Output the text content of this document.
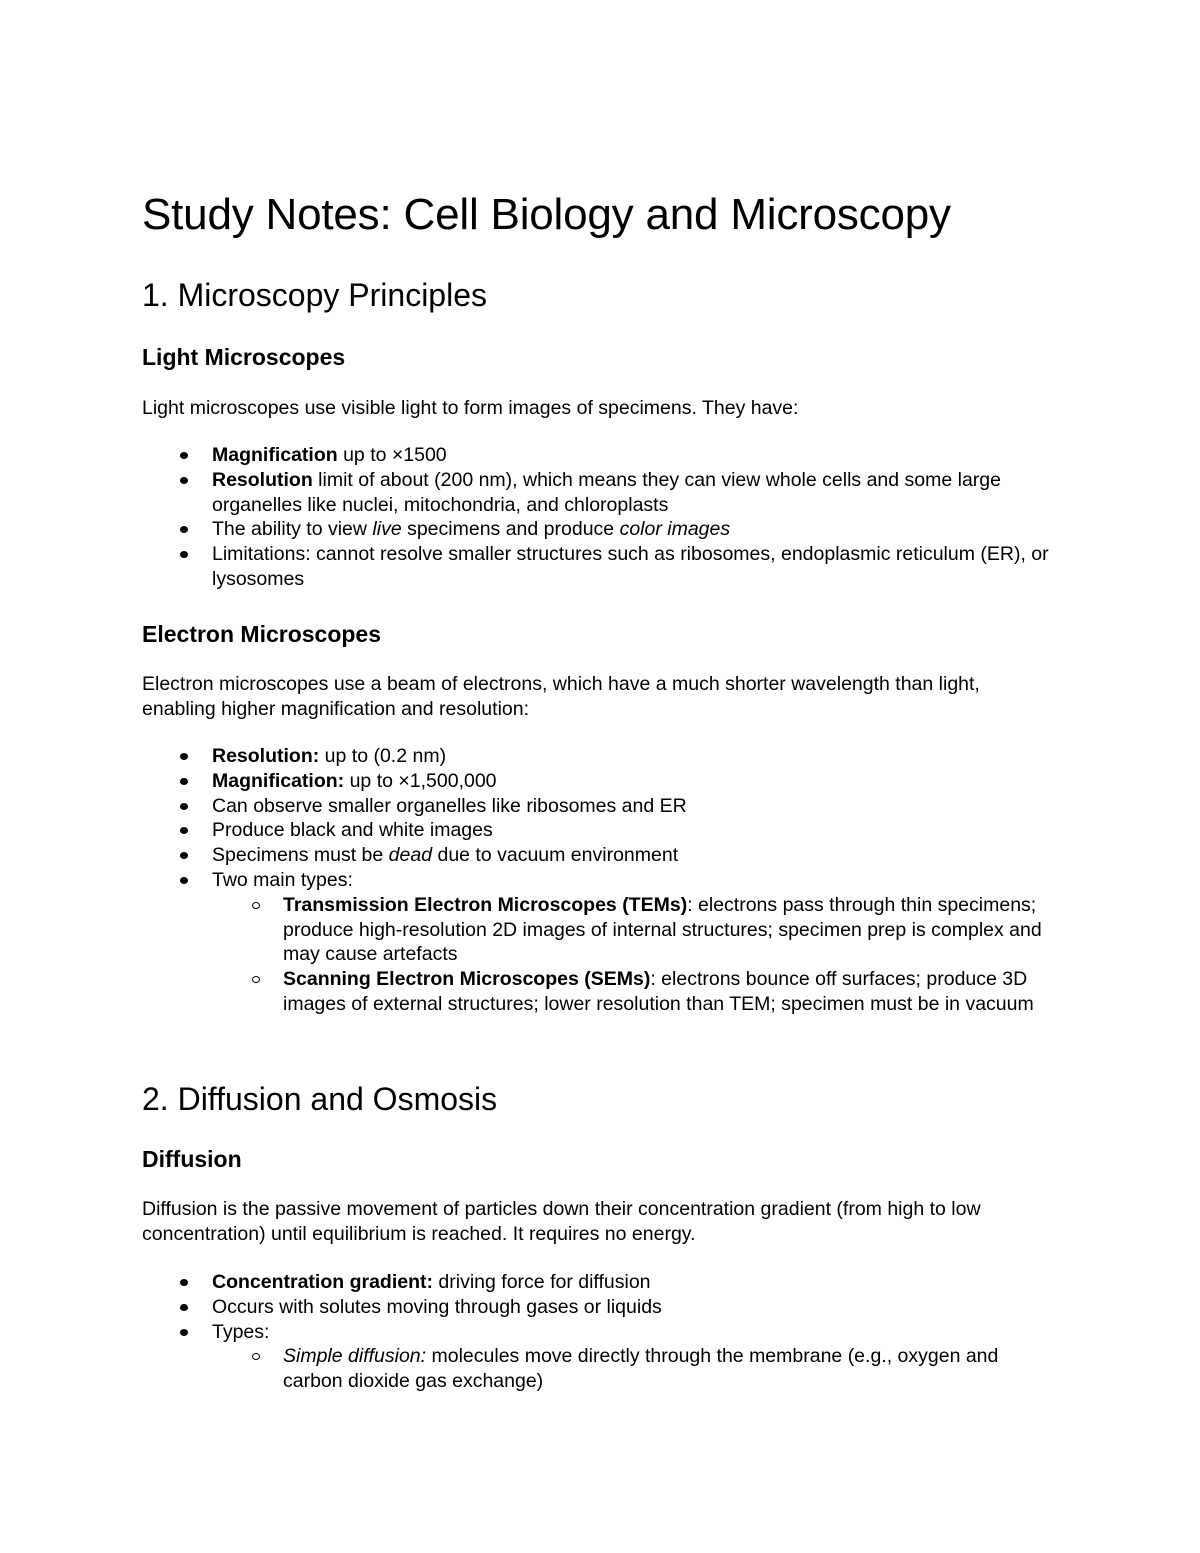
Study Notes: Cell Biology and Microscopy
1. Microscopy Principles
Light Microscopes

Light microscopes use visible light to form images of specimens. They have:

Magnification up to ×1500
Resolution limit of about (200 nm), which means they can view whole cells and some large organelles like nuclei, mitochondria, and chloroplasts
The ability to view live specimens and produce color images
Limitations: cannot resolve smaller structures such as ribosomes, endoplasmic reticulum (ER), or lysosomes
Electron Microscopes

Electron microscopes use a beam of electrons, which have a much shorter wavelength than light, enabling higher magnification and resolution:

Resolution: up to (0.2 nm)
Magnification: up to ×1,500,000
Can observe smaller organelles like ribosomes and ER
Produce black and white images
Specimens must be dead due to vacuum environment
Two main types:
Transmission Electron Microscopes (TEMs): electrons pass through thin specimens; produce high-resolution 2D images of internal structures; specimen prep is complex and may cause artefacts
Scanning Electron Microscopes (SEMs): electrons bounce off surfaces; produce 3D images of external structures; lower resolution than TEM; specimen must be in vacuum
2. Diffusion and Osmosis
Diffusion

Diffusion is the passive movement of particles down their concentration gradient (from high to low concentration) until equilibrium is reached. It requires no energy.

Concentration gradient: driving force for diffusion
Occurs with solutes moving through gases or liquids
Types:
Simple diffusion: molecules move directly through the membrane (e.g., oxygen and carbon dioxide gas exchange)
